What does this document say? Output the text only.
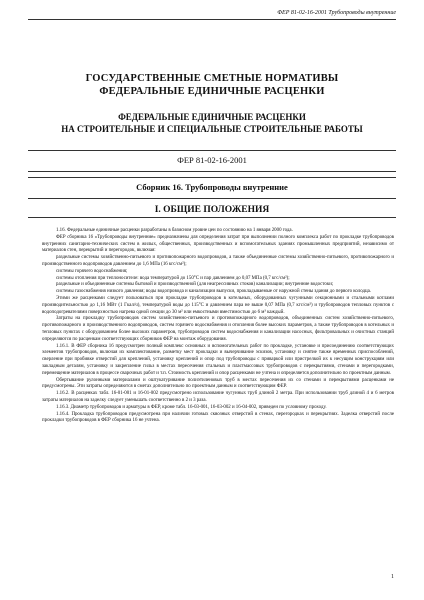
ФЕР 81-02-16-2001 Трубопроводы внутренние
ГОСУДАРСТВЕННЫЕ СМЕТНЫЕ НОРМАТИВЫ
ФЕДЕРАЛЬНЫЕ ЕДИНИЧНЫЕ РАСЦЕНКИ
ФЕДЕРАЛЬНЫЕ ЕДИНИЧНЫЕ РАСЦЕНКИ
НА СТРОИТЕЛЬНЫЕ И СПЕЦИАЛЬНЫЕ СТРОИТЕЛЬНЫЕ РАБОТЫ
ФЕР 81-02-16-2001
Сборник 16. Трубопроводы внутренние
I. ОБЩИЕ ПОЛОЖЕНИЯ

1.16. Федеральные единичные расценки разработаны в базисном уровне цен по состоянию на 1 января 2000 года.

ФЕР сборника 16 «Трубопроводы внутренние» предназначены для определения затрат при выполнении полного комплекса работ по прокладке трубопроводов внутренних санитарно-технических систем в жилых, общественных, производственных и вспомогательных зданиях промышленных предприятий, независимо от материалов стен, перекрытий и перегородок, включая:

раздельные системы хозяйственно-питьевого и противопожарного водопроводов, а также объединенные системы хозяйственно-питьевого, противопожарного и производственного водопроводов давлением до 1,6 МПа (16 кгс/см²);

системы горячего водоснабжения;

системы отопления при теплоносителе: вода температурой до 150°С и пар давлением до 0,07 МПа (0,7 кгс/см²);

раздельные и объединенные системы бытовой и производственной (для неагрессивных стоков) канализации; внутренние водостоки;

системы газоснабжения низкого давления; воды водопровода и канализации выпуски, прокладываемые от наружной стены здания до первого колодца.

Этими же расценками следует пользоваться при прокладке трубопроводов в котельных, оборудованных чугунными секционными и стальными котлами производительностью до 1,16 МВт (1 Гкал/ч), температурой воды до 115°С и давлением пара не выше 0,07 МПа (0,7 кгс/см²) и трубопроводов тепловых пунктов с водоподогревателями поверхностью нагрева одной секции до 30 м² или емкостными вместимостью до 6 м³ каждый.

Затраты на прокладку трубопроводов систем хозяйственно-питьевого и противопожарного водопроводов, объединенных систем хозяйственно-питьевого, противопожарного и производственного водопроводов, систем горячего водоснабжения и отопления более высоких параметров, а также трубопроводов в котельных и тепловых пунктах с оборудованием более высоких параметров, трубопроводов систем водоснабжения и канализации насосных, фильтровальных и очистных станций определяются по расценкам соответствующих сборников ФЕР на монтаж оборудования.

1.16.1. В ФЕР сборника 16 предусмотрен полный комплекс основных и вспомогательных работ по прокладке, установке и присоединению соответствующих элементов трубопроводов, включая их комплектование, разметку мест прокладки и вычерчивание эскизов, установку и снятие также временных приспособлений, сверление при пробивке отверстий для креплений, установку креплений и опор под трубопроводы с приваркой или пристрелкой их к несущим конструкциям или закладным деталям, установку и закрепление гильз в местах пересечения стальных и пластмассовых трубопроводов с перекрытиями, стенами и перегородками, перемещение материалов в процессе сварочных работ и т.п. Стоимость креплений и опор расценками не учтена и определяется дополнительно по проектным данным.

Обертывание рулонными материалами и оштукатуривание полиэтиленовых труб в местах пересечения их со стенами и перекрытиями расценками не предусмотрены. Эти затраты определяются в сметах дополнительно по проектным данным и соответствующим ФЕР.

1.16.2. В расценках табл. 16-01-001 и 16-01-002 предусмотрено использование чугунных труб длиной 2 метра. При использовании труб длиной 4 и 6 метров затраты материалов на заделку следует уменьшать соответственно в 2 и 3 раза.

1.16.3. Диаметр трубопроводов и арматуры в ФЕР, кроме табл. 16-03-001, 16-03-002 и 16-04-002, приведен по условному проходу.

1.16.4. Прокладка трубопроводов предусмотрена при наличии готовых сквозных отверстий в стенах, перегородках и перекрытиях. Заделка отверстий после прокладки трубопроводов в ФЕР сборника 16 не учтена.

1
